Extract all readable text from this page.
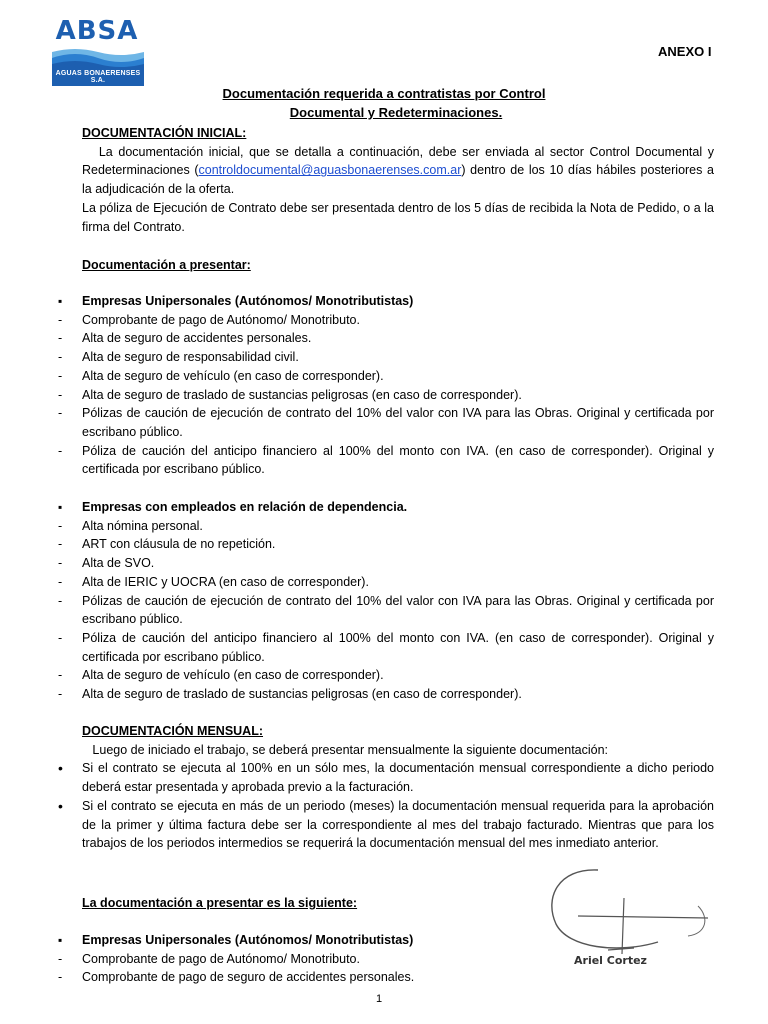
ABSA
AGUAS BONAERENSES S.A.
ANEXO I
Documentación requerida a contratistas por Control
Documental y Redeterminaciones.
DOCUMENTACIÓN INICIAL:
La documentación inicial, que se detalla a continuación, debe ser enviada al sector Control Documental y Redeterminaciones (controldocumental@aguasbonaerenses.com.ar) dentro de los 10 días hábiles posteriores a la adjudicación de la oferta.
La póliza de Ejecución de Contrato debe ser presentada dentro de los 5 días de recibida la Nota de Pedido, o a la firma del Contrato.
Documentación a presentar:
▪ Empresas Unipersonales (Autónomos/ Monotributistas)
- Comprobante de pago de Autónomo/ Monotributo.
- Alta de seguro de accidentes personales.
- Alta de seguro de responsabilidad civil.
- Alta de seguro de vehículo (en caso de corresponder).
- Alta de seguro de traslado de sustancias peligrosas (en caso de corresponder).
- Pólizas de caución de ejecución de contrato del 10% del valor con IVA para las Obras. Original y certificada por escribano público.
- Póliza de caución del anticipo financiero al 100% del monto con IVA. (en caso de corresponder). Original y certificada por escribano público.
▪ Empresas con empleados en relación de dependencia.
- Alta nómina personal.
- ART con cláusula de no repetición.
- Alta de SVO.
- Alta de IERIC y UOCRA (en caso de corresponder).
- Pólizas de caución de ejecución de contrato del 10% del valor con IVA para las Obras. Original y certificada por escribano público.
- Póliza de caución del anticipo financiero al 100% del monto con IVA. (en caso de corresponder). Original y certificada por escribano público.
- Alta de seguro de vehículo (en caso de corresponder).
- Alta de seguro de traslado de sustancias peligrosas (en caso de corresponder).
DOCUMENTACIÓN MENSUAL:
Luego de iniciado el trabajo, se deberá presentar mensualmente la siguiente documentación:
• Si el contrato se ejecuta al 100% en un sólo mes, la documentación mensual correspondiente a dicho periodo deberá estar presentada y aprobada previo a la facturación.
• Si el contrato se ejecuta en más de un periodo (meses) la documentación mensual requerida para la aprobación de la primer y última factura debe ser la correspondiente al mes del trabajo facturado. Mientras que para los trabajos de los periodos intermedios se requerirá la documentación mensual del mes inmediato anterior.
La documentación a presentar es la siguiente:
▪ Empresas Unipersonales (Autónomos/ Monotributistas)
- Comprobante de pago de Autónomo/ Monotributo.
- Comprobante de pago de seguro de accidentes personales.
Ariel Cortez
1
